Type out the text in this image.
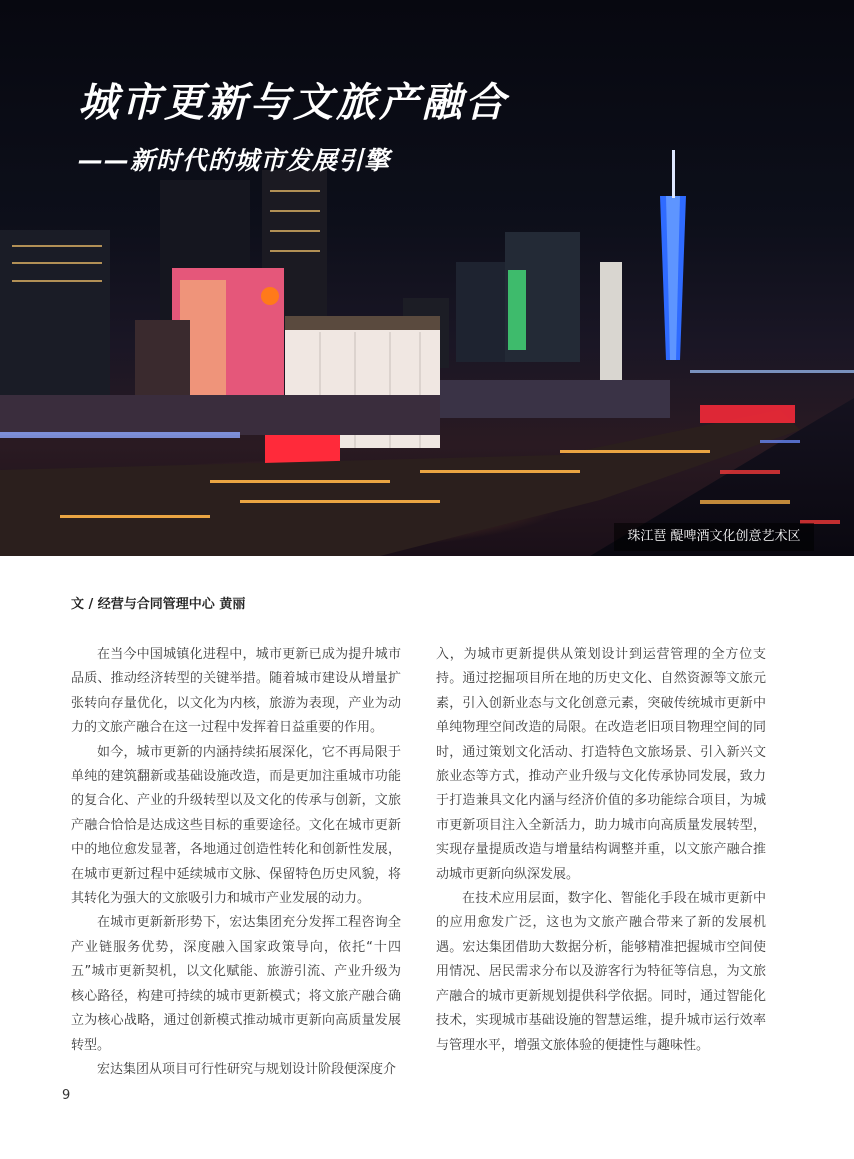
城市更新与文旅产融合
——新时代的城市发展引擎
珠江琶 醍啤酒文化创意艺术区
文 / 经营与合同管理中心 黄丽

在当今中国城镇化进程中，城市更新已成为提升城市品质、推动经济转型的关键举措。随着城市建设从增量扩张转向存量优化，以文化为内核，旅游为表现，产业为动力的文旅产融合在这一过程中发挥着日益重要的作用。

如今，城市更新的内涵持续拓展深化，它不再局限于单纯的建筑翻新或基础设施改造，而是更加注重城市功能的复合化、产业的升级转型以及文化的传承与创新，文旅产融合恰恰是达成这些目标的重要途径。文化在城市更新中的地位愈发显著，各地通过创造性转化和创新性发展，在城市更新过程中延续城市文脉、保留特色历史风貌，将其转化为强大的文旅吸引力和城市产业发展的动力。

在城市更新新形势下，宏达集团充分发挥工程咨询全产业链服务优势，深度融入国家政策导向，依托“十四五”城市更新契机，以文化赋能、旅游引流、产业升级为核心路径，构建可持续的城市更新模式；将文旅产融合确立为核心战略，通过创新模式推动城市更新向高质量发展转型。

宏达集团从项目可行性研究与规划设计阶段便深度介

入，为城市更新提供从策划设计到运营管理的全方位支持。通过挖掘项目所在地的历史文化、自然资源等文旅元素，引入创新业态与文化创意元素，突破传统城市更新中单纯物理空间改造的局限。在改造老旧项目物理空间的同时，通过策划文化活动、打造特色文旅场景、引入新兴文旅业态等方式，推动产业升级与文化传承协同发展，致力于打造兼具文化内涵与经济价值的多功能综合项目，为城市更新项目注入全新活力，助力城市向高质量发展转型，实现存量提质改造与增量结构调整并重，以文旅产融合推动城市更新向纵深发展。

在技术应用层面，数字化、智能化手段在城市更新中的应用愈发广泛，这也为文旅产融合带来了新的发展机遇。宏达集团借助大数据分析，能够精准把握城市空间使用情况、居民需求分布以及游客行为特征等信息，为文旅产融合的城市更新规划提供科学依据。同时，通过智能化技术，实现城市基础设施的智慧运维，提升城市运行效率与管理水平，增强文旅体验的便捷性与趣味性。

9
